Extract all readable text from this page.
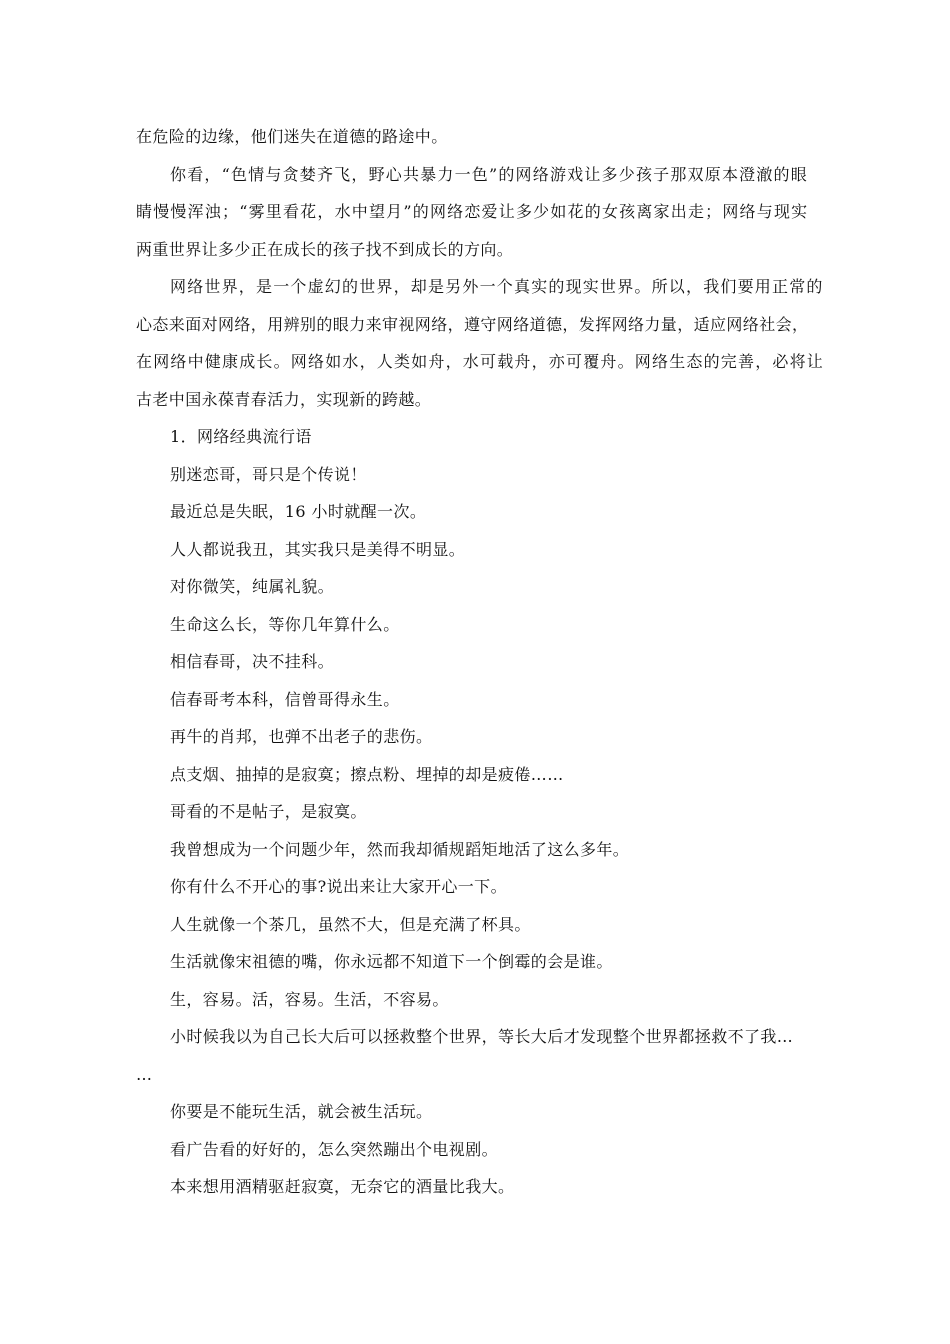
在危险的边缘，他们迷失在道德的路途中。

你看，“色情与贪婪齐飞，野心共暴力一色”的网络游戏让多少孩子那双原本澄澈的眼

睛慢慢浑浊；“雾里看花，水中望月”的网络恋爱让多少如花的女孩离家出走；网络与现实

两重世界让多少正在成长的孩子找不到成长的方向。

网络世界，是一个虚幻的世界，却是另外一个真实的现实世界。所以，我们要用正常的

心态来面对网络，用辨别的眼力来审视网络，遵守网络道德，发挥网络力量，适应网络社会，

在网络中健康成长。网络如水，人类如舟，水可载舟，亦可覆舟。网络生态的完善，必将让

古老中国永葆青春活力，实现新的跨越。

1．网络经典流行语

别迷恋哥，哥只是个传说！

最近总是失眠，16 小时就醒一次。

人人都说我丑，其实我只是美得不明显。

对你微笑，纯属礼貌。

生命这么长，等你几年算什么。

相信春哥，决不挂科。

信春哥考本科，信曾哥得永生。

再牛的肖邦，也弹不出老子的悲伤。

点支烟、抽掉的是寂寞；擦点粉、埋掉的却是疲倦……

哥看的不是帖子，是寂寞。

我曾想成为一个问题少年，然而我却循规蹈矩地活了这么多年。

你有什么不开心的事?说出来让大家开心一下。

人生就像一个茶几，虽然不大，但是充满了杯具。

生活就像宋祖德的嘴，你永远都不知道下一个倒霉的会是谁。

生，容易。活，容易。生活，不容易。

小时候我以为自己长大后可以拯救整个世界，等长大后才发现整个世界都拯救不了我…

…

你要是不能玩生活，就会被生活玩。

看广告看的好好的，怎么突然蹦出个电视剧。

本来想用酒精驱赶寂寞，无奈它的酒量比我大。
